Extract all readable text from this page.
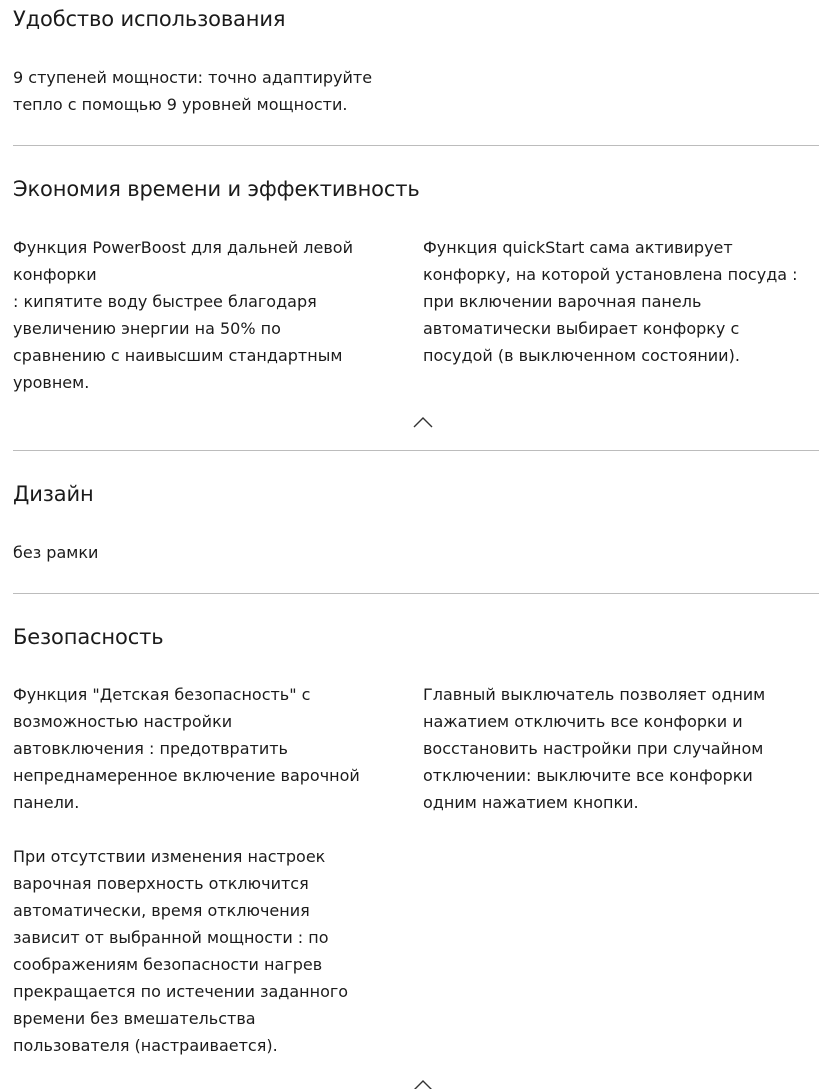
Удобство использования
9 ступеней мощности: точно адаптируйте
тепло с помощью 9 уровней мощности.
Экономия времени и эффективность
Функция PowerBoost для дальней левой
конфорки
: кипятите воду быстрее благодаря
увеличению энергии на 50% по
сравнению с наивысшим стандартным
уровнем.
Функция quickStart сама активирует
конфорку, на которой установлена посуда :
при включении варочная панель
автоматически выбирает конфорку с
посудой (в выключенном состоянии).
Дизайн
без рамки
Безопасность
Функция "Детская безопасность" с
возможностью настройки
автовключения : предотвратить
непреднамеренное включение варочной
панели.

При отсутствии изменения настроек
варочная поверхность отключится
автоматически, время отключения
зависит от выбранной мощности : по
соображениям безопасности нагрев
прекращается по истечении заданного
времени без вмешательства
пользователя (настраивается).
Главный выключатель позволяет одним
нажатием отключить все конфорки и
восстановить настройки при случайном
отключении: выключите все конфорки
одним нажатием кнопки.
